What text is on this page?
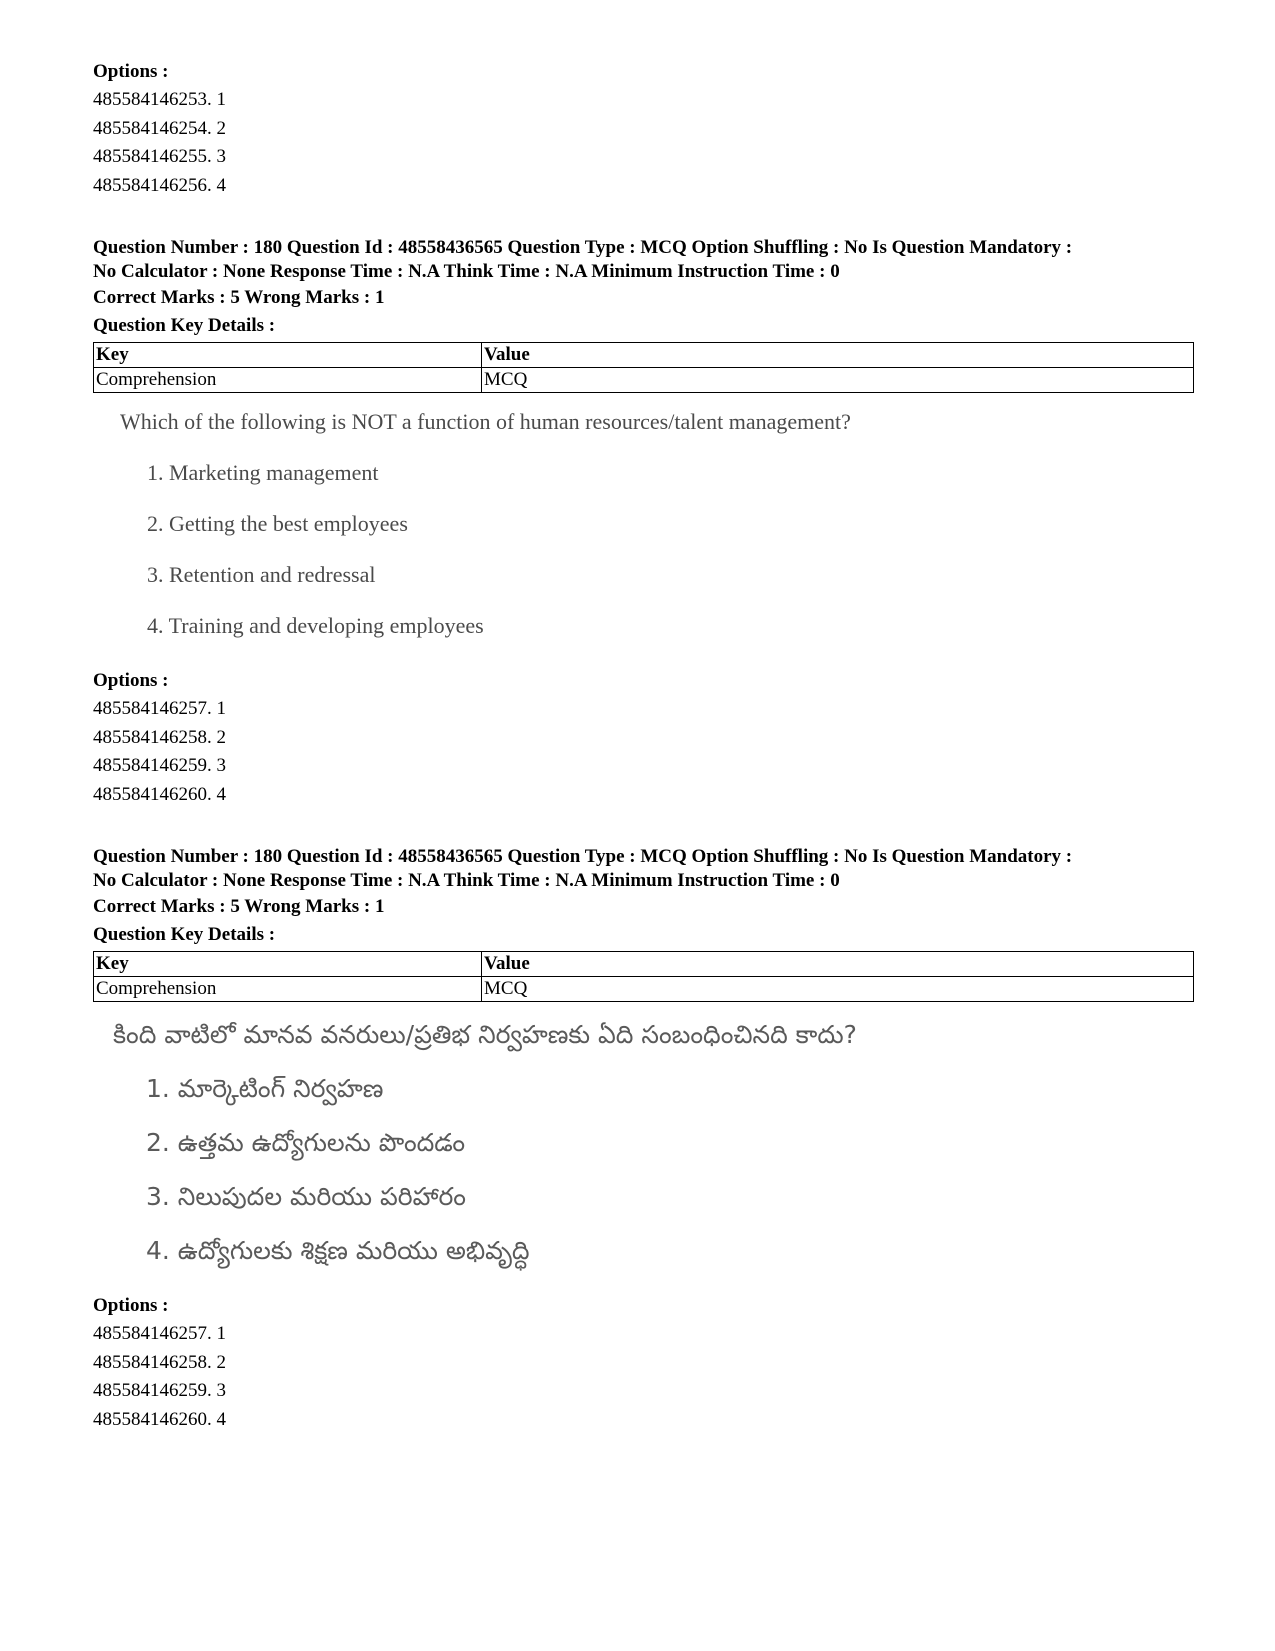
Options :

485584146253. 1

485584146254. 2

485584146255. 3

485584146256. 4

Question Number : 180 Question Id : 48558436565 Question Type : MCQ Option Shuffling : No Is Question Mandatory :

No Calculator : None Response Time : N.A Think Time : N.A Minimum Instruction Time : 0

Correct Marks : 5 Wrong Marks : 1

Question Key Details :

Key	Value
Comprehension	MCQ

Which of the following is NOT a function of human resources/talent management?

1. Marketing management

2. Getting the best employees

3. Retention and redressal

4. Training and developing employees

Options :

485584146257. 1

485584146258. 2

485584146259. 3

485584146260. 4

Question Number : 180 Question Id : 48558436565 Question Type : MCQ Option Shuffling : No Is Question Mandatory :

No Calculator : None Response Time : N.A Think Time : N.A Minimum Instruction Time : 0

Correct Marks : 5 Wrong Marks : 1

Question Key Details :

Key	Value
Comprehension	MCQ

కింది వాటిలో మానవ వనరులు/ప్రతిభ నిర్వహణకు ఏది సంబంధించినది కాదు?

1. మార్కెటింగ్ నిర్వహణ

2. ఉత్తమ ఉద్యోగులను పొందడం

3. నిలుపుదల మరియు పరిహారం

4. ఉద్యోగులకు శిక్షణ మరియు అభివృద్ధి

Options :

485584146257. 1

485584146258. 2

485584146259. 3

485584146260. 4
